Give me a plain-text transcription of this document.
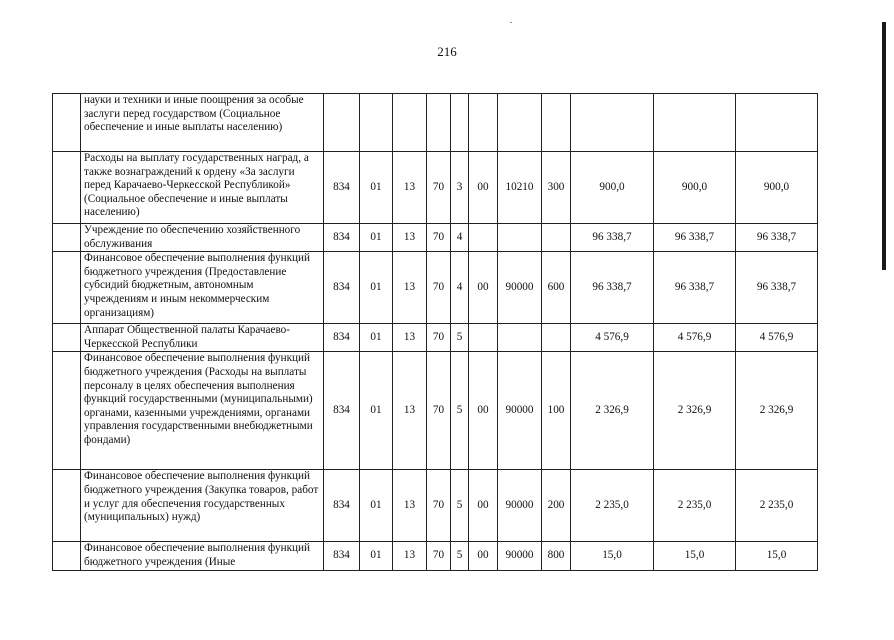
216
	науки и техники и иные поощрения за особые заслуги перед государством (Социальное обеспечение и иные выплаты населению)											
	Расходы на выплату государственных наград, а также вознаграждений к ордену «За заслуги перед Карачаево-Черкесской Республикой» (Социальное обеспечение и иные выплаты населению)	834	01	13	70	3	00	10210	300	900,0	900,0	900,0
	Учреждение по обеспечению хозяйственного обслуживания	834	01	13	70	4				96 338,7	96 338,7	96 338,7
	Финансовое обеспечение выполнения функций бюджетного учреждения (Предоставление субсидий бюджетным, автономным учреждениям и иным некоммерческим организациям)	834	01	13	70	4	00	90000	600	96 338,7	96 338,7	96 338,7
	Аппарат Общественной палаты Карачаево-Черкесской Республики	834	01	13	70	5				4 576,9	4 576,9	4 576,9
	Финансовое обеспечение выполнения функций бюджетного учреждения (Расходы на выплаты персоналу в целях обеспечения выполнения функций государственными (муниципальными) органами, казенными учреждениями, органами управления государственными внебюджетными фондами)	834	01	13	70	5	00	90000	100	2 326,9	2 326,9	2 326,9
	Финансовое обеспечение выполнения функций бюджетного учреждения (Закупка товаров, работ и услуг для обеспечения государственных (муниципальных) нужд)	834	01	13	70	5	00	90000	200	2 235,0	2 235,0	2 235,0
	Финансовое обеспечение выполнения функций бюджетного учреждения (Иные	834	01	13	70	5	00	90000	800	15,0	15,0	15,0
